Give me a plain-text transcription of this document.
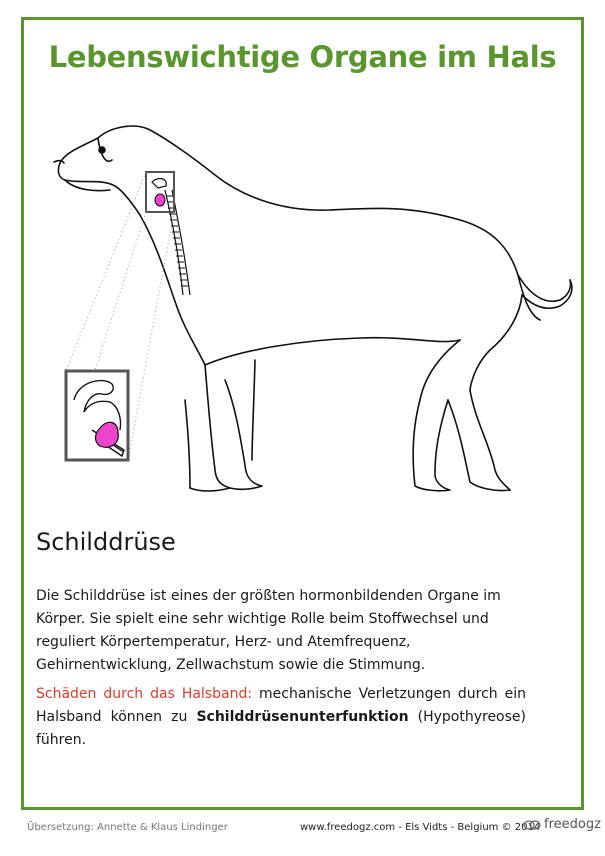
Lebenswichtige Organe im Hals
Schilddrüse

Die Schilddrüse ist eines der größten hormonbildenden Organe im Körper. Sie spielt eine sehr wichtige Rolle beim Stoffwechsel und reguliert Körpertemperatur, Herz- und Atemfrequenz, Gehirnentwicklung, Zellwachstum sowie die Stimmung.

Schäden durch das Halsband: mechanische Verletzungen durch ein Halsband können zu Schilddrüsenunterfunktion (Hypothyreose) führen.

Übersetzung: Annette & Klaus Lindinger	www.freedogz.com - Els Vidts - Belgium © 2014 freedogz
